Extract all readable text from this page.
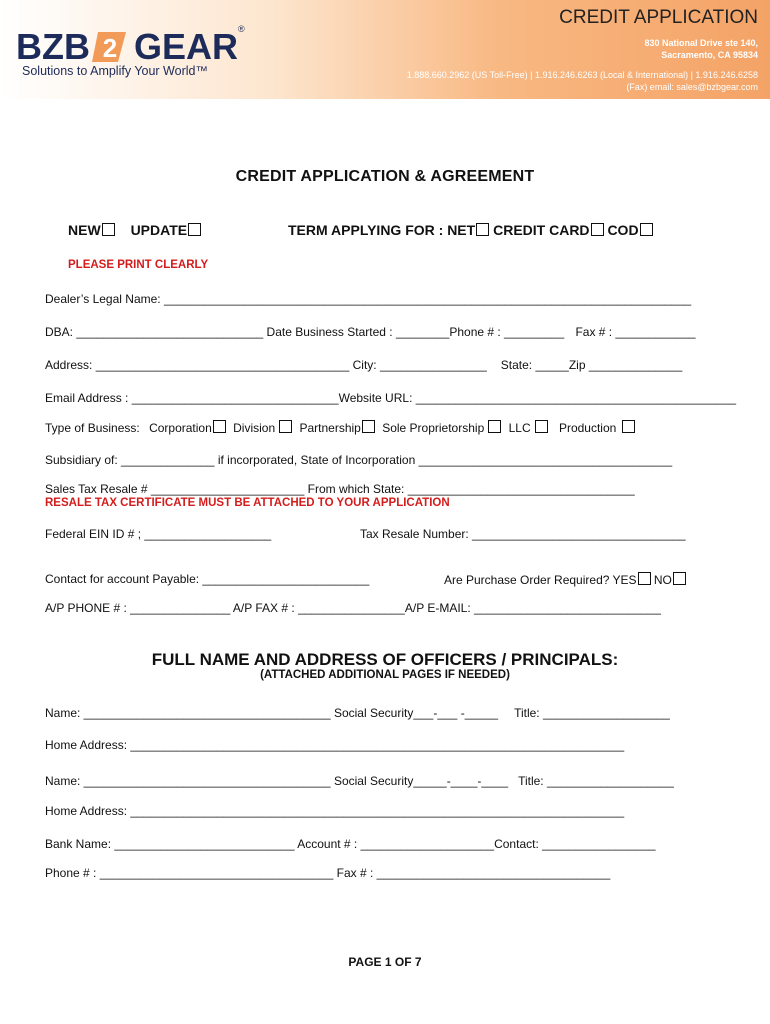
BZB 2 GEAR®
Solutions to Amplify Your World™
CREDIT APPLICATION
830 National Drive ste 140,
Sacramento, CA 95834
1.888.660.2962 (US Toll-Free) | 1.916.246.6263 (Local & International) | 1.916.246.6258
(Fax) email: sales@bzbgear.com
CREDIT APPLICATION & AGREEMENT
NEW UPDATE	TERM APPLYING FOR : NET CREDIT CARD COD
PLEASE PRINT CLEARLY
Dealer’s Legal Name: _______________________________________________________________________________
DBA: ____________________________ Date Business Started : ________Phone # : _________ Fax # : ____________
Address: ______________________________________ City: ________________ State: _____Zip ______________
Email Address : _______________________________Website URL: ________________________________________________
Type of Business: Corporation Division Partnership Sole Proprietorship LLC Production
Subsidiary of: ______________ if incorporated, State of Incorporation ______________________________________
Sales Tax Resale # _______________________ From which State: __________________________________
RESALE TAX CERTIFICATE MUST BE ATTACHED TO YOUR APPLICATION
Federal EIN ID # ; ___________________	Tax Resale Number: ________________________________
Contact for account Payable: _________________________	Are Purchase Order Required? YES NO
A/P PHONE # : _______________ A/P FAX # : ________________A/P E-MAIL: ____________________________
FULL NAME AND ADDRESS OF OFFICERS / PRINCIPALS:
(ATTACHED ADDITIONAL PAGES IF NEEDED)
Name: _____________________________________ Social Security___-___ -_____ Title: ___________________
Home Address: __________________________________________________________________________
Name: _____________________________________ Social Security_____-____-____ Title: ___________________
Home Address: __________________________________________________________________________
Bank Name: ___________________________ Account # : ____________________Contact: _________________
Phone # : ___________________________________ Fax # : ___________________________________
PAGE 1 OF 7
